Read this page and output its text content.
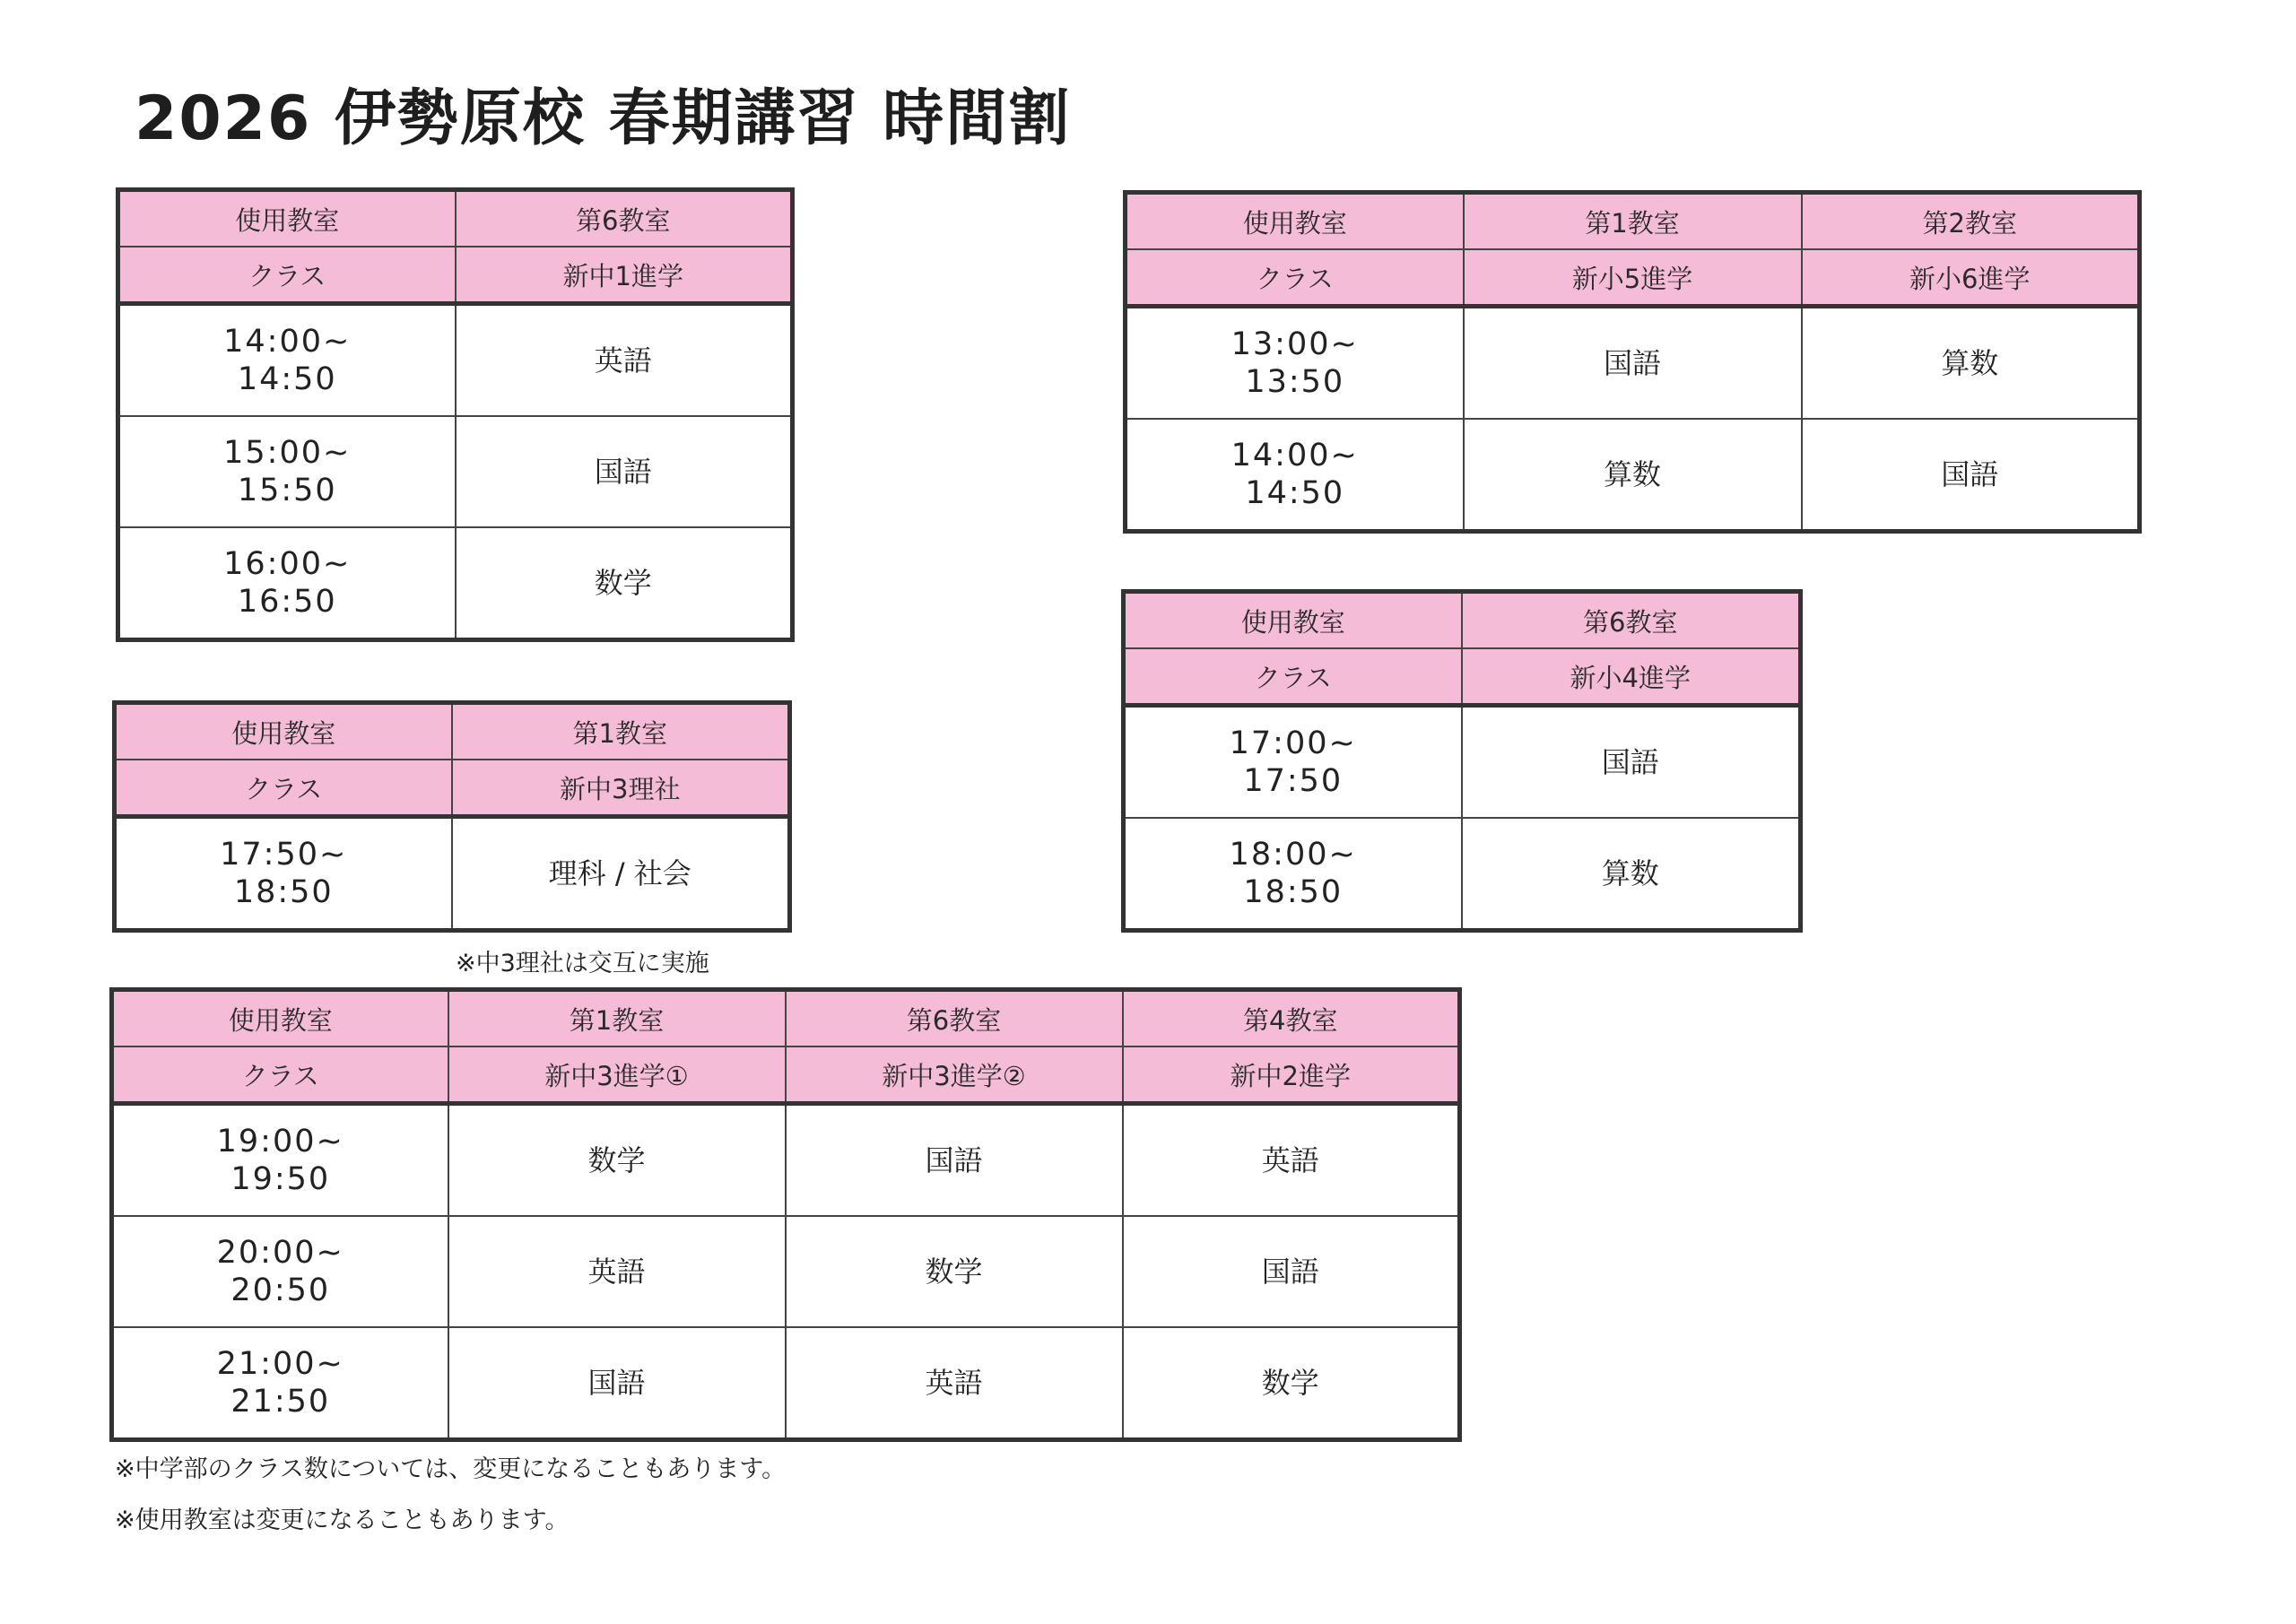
2026 伊勢原校 春期講習 時間割
使用教室	第6教室
クラス	新中1進学

14:00~
14:50	英語

15:00~
15:50	国語

16:00~
16:50	数学
使用教室	第1教室	第2教室
クラス	新小5進学	新小6進学

13:00~
13:50	国語	算数

14:00~
14:50	算数	国語
使用教室	第6教室
クラス	新小4進学

17:00~
17:50	国語

18:00~
18:50	算数
使用教室	第1教室
クラス	新中3理社

17:50~
18:50	理科 / 社会
※中3理社は交互に実施
使用教室	第1教室	第6教室	第4教室
クラス	新中3進学①	新中3進学②	新中2進学

19:00~
19:50	数学	国語	英語

20:00~
20:50	英語	数学	国語

21:00~
21:50	国語	英語	数学
※中学部のクラス数については、変更になることもあります。
※使用教室は変更になることもあります。
